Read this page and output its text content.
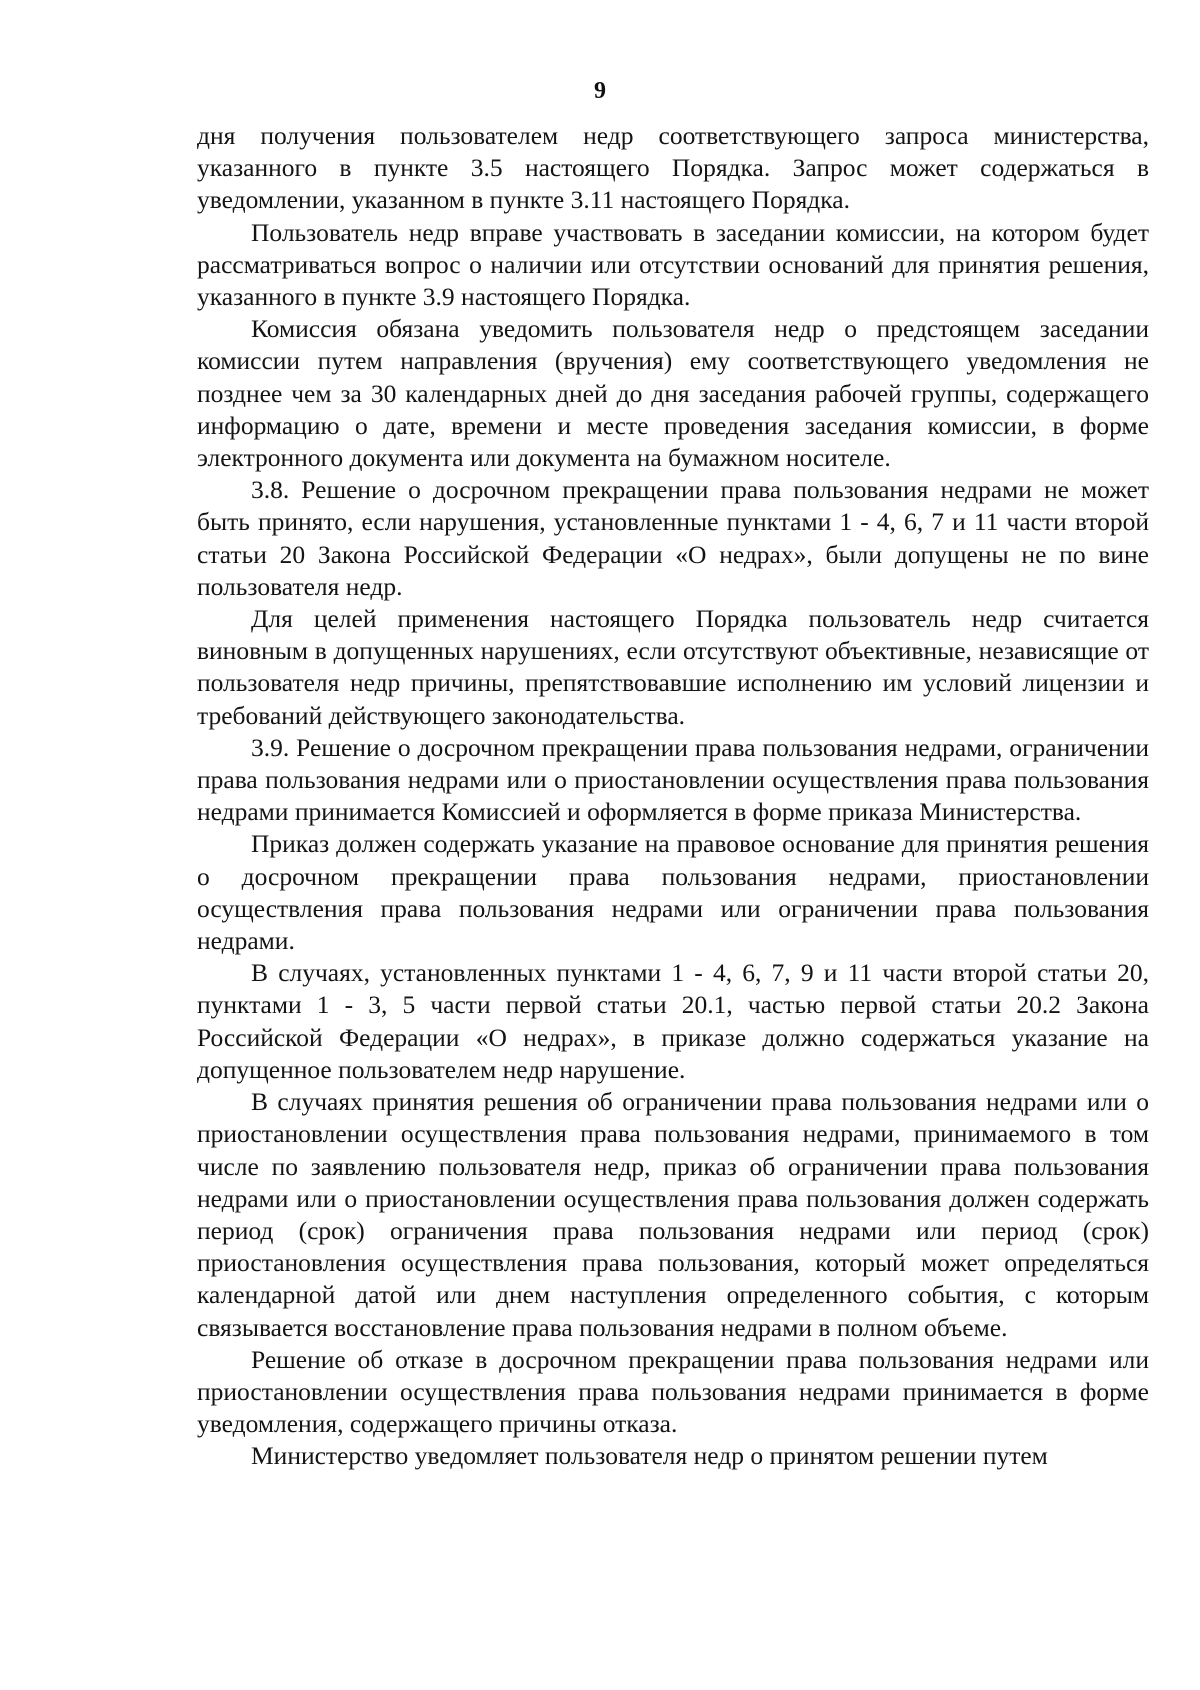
9

дня получения пользователем недр соответствующего запроса министерства, указанного в пункте 3.5 настоящего Порядка. Запрос может содержаться в уведомлении, указанном в пункте 3.11 настоящего Порядка.

Пользователь недр вправе участвовать в заседании комиссии, на котором будет рассматриваться вопрос о наличии или отсутствии оснований для принятия решения, указанного в пункте 3.9 настоящего Порядка.

Комиссия обязана уведомить пользователя недр о предстоящем заседании комиссии путем направления (вручения) ему соответствующего уведомления не позднее чем за 30 календарных дней до дня заседания рабочей группы, содержащего информацию о дате, времени и месте проведения заседания комиссии, в форме электронного документа или документа на бумажном носителе.

3.8. Решение о досрочном прекращении права пользования недрами не может быть принято, если нарушения, установленные пунктами 1 - 4, 6, 7 и 11 части второй статьи 20 Закона Российской Федерации «О недрах», были допущены не по вине пользователя недр.

Для целей применения настоящего Порядка пользователь недр считается виновным в допущенных нарушениях, если отсутствуют объективные, независящие от пользователя недр причины, препятствовавшие исполнению им условий лицензии и требований действующего законодательства.

3.9. Решение о досрочном прекращении права пользования недрами, ограничении права пользования недрами или о приостановлении осуществления права пользования недрами принимается Комиссией и оформляется в форме приказа Министерства.

Приказ должен содержать указание на правовое основание для принятия решения о досрочном прекращении права пользования недрами, приостановлении осуществления права пользования недрами или ограничении права пользования недрами.

В случаях, установленных пунктами 1 - 4, 6, 7, 9 и 11 части второй статьи 20, пунктами 1 - 3, 5 части первой статьи 20.1, частью первой статьи 20.2 Закона Российской Федерации «О недрах», в приказе должно содержаться указание на допущенное пользователем недр нарушение.

В случаях принятия решения об ограничении права пользования недрами или о приостановлении осуществления права пользования недрами, принимаемого в том числе по заявлению пользователя недр, приказ об ограничении права пользования недрами или о приостановлении осуществления права пользования должен содержать период (срок) ограничения права пользования недрами или период (срок) приостановления осуществления права пользования, который может определяться календарной датой или днем наступления определенного события, с которым связывается восстановление права пользования недрами в полном объеме.

Решение об отказе в досрочном прекращении права пользования недрами или приостановлении осуществления права пользования недрами принимается в форме уведомления, содержащего причины отказа.

Министерство уведомляет пользователя недр о принятом решении путем
